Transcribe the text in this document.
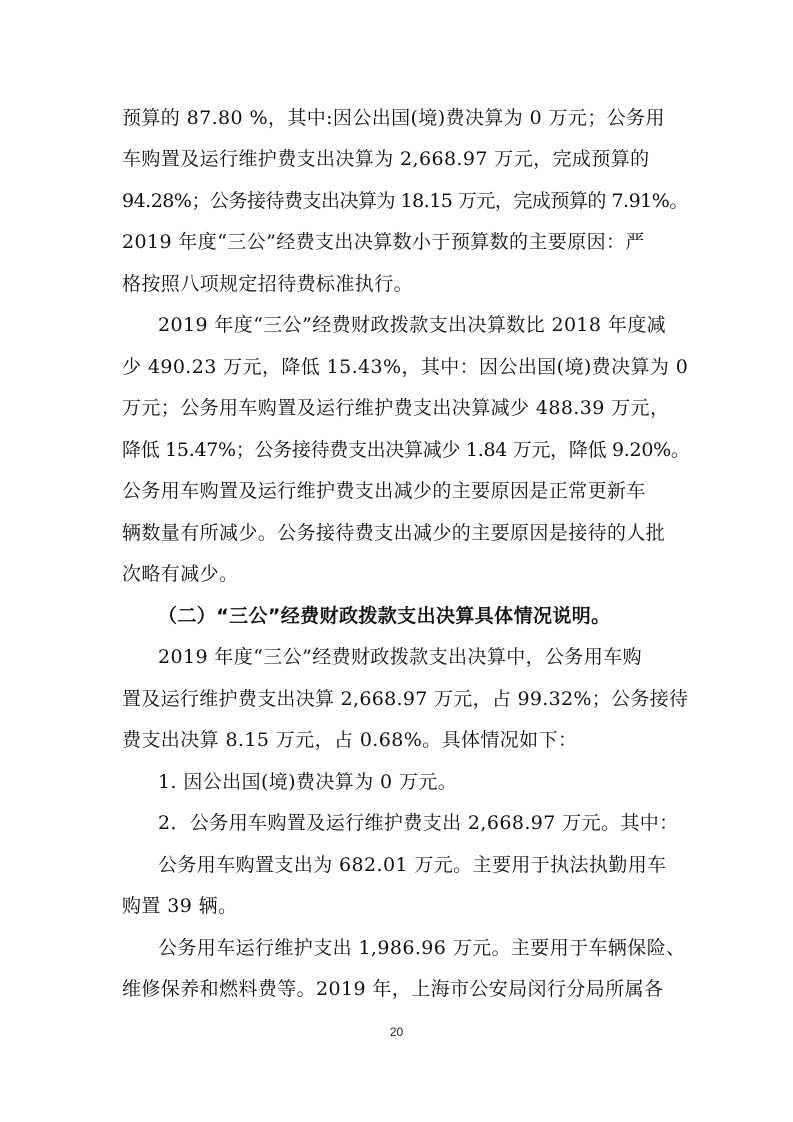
预算的 87.80 %，其中:因公出国(境)费决算为 0 万元；公务用
车购置及运行维护费支出决算为 2,668.97 万元，完成预算的
94.28%；公务接待费支出决算为 18.15 万元，完成预算的 7.91%。
2019 年度“三公”经费支出决算数小于预算数的主要原因：严
格按照八项规定招待费标准执行。
2019 年度“三公”经费财政拨款支出决算数比 2018 年度减
少 490.23 万元，降低 15.43%，其中：因公出国(境)费决算为 0
万元；公务用车购置及运行维护费支出决算减少 488.39 万元，
降低 15.47%；公务接待费支出决算减少 1.84 万元，降低 9.20%。
公务用车购置及运行维护费支出减少的主要原因是正常更新车
辆数量有所减少。公务接待费支出减少的主要原因是接待的人批
次略有减少。
（二）“三公”经费财政拨款支出决算具体情况说明。
2019 年度“三公”经费财政拨款支出决算中，公务用车购
置及运行维护费支出决算 2,668.97 万元，占 99.32%；公务接待
费支出决算 8.15 万元，占 0.68%。具体情况如下：
1. 因公出国(境)费决算为 0 万元。
2．公务用车购置及运行维护费支出 2,668.97 万元。其中：
公务用车购置支出为 682.01 万元。主要用于执法执勤用车
购置 39 辆。
公务用车运行维护支出 1,986.96 万元。主要用于车辆保险、
维修保养和燃料费等。2019 年，上海市公安局闵行分局所属各
20
